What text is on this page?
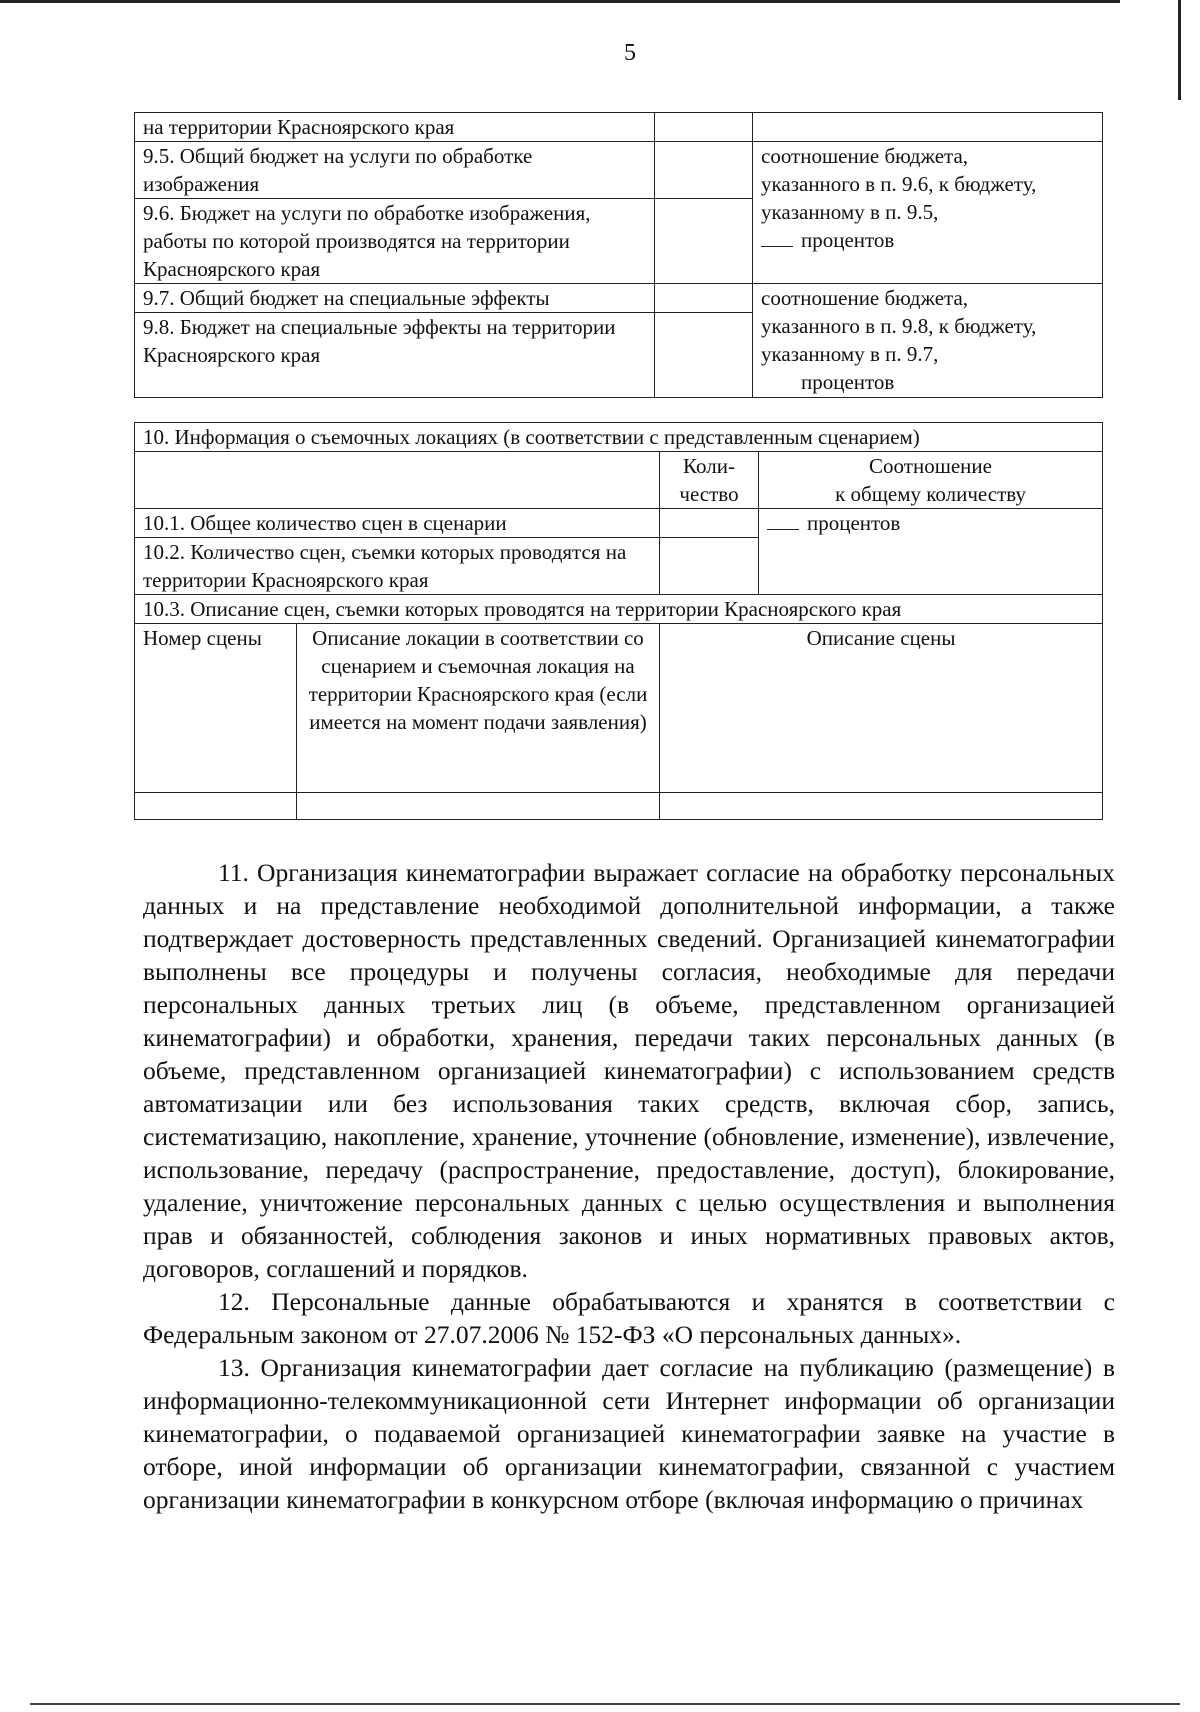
5
на территории Красноярского края		
9.5. Общий бюджет на услуги по обработке изображения		соотношение бюджета,
указанного в п. 9.6, к бюджету,
указанному в п. 9.5,
процентов

9.6. Бюджет на услуги по обработке изображения, работы по которой производятся на территории Красноярского края		
9.7. Общий бюджет на специальные эффекты		соотношение бюджета,
указанного в п. 9.8, к бюджету,
указанному в п. 9.7,
процентов

9.8. Бюджет на специальные эффекты на территории Красноярского края		
10. Информация о съемочных локациях (в соответствии с представленным сценарием)			
		Коли-чество	Соотношение
к общему количеству

10.1. Общее количество сцен в сценарии			процентов
10.2. Количество сцен, съемки которых проводятся на территории Красноярского края			
10.3. Описание сцен, съемки которых проводятся на территории Красноярского края			
Номер сцены	Описание локации в соответствии со сценарием и съемочная локация на территории Красноярского края (если имеется на момент подачи заявления)	Описание сцены	

11. Организация кинематографии выражает согласие на обработку персональных данных и на представление необходимой дополнительной информации, а также подтверждает достоверность представленных сведений. Организацией кинематографии выполнены все процедуры и получены согласия, необходимые для передачи персональных данных третьих лиц (в объеме, представленном организацией кинематографии) и обработки, хранения, передачи таких персональных данных (в объеме, представленном организацией кинематографии) с использованием средств автоматизации или без использования таких средств, включая сбор, запись, систематизацию, накопление, хранение, уточнение (обновление, изменение), извлечение, использование, передачу (распространение, предоставление, доступ), блокирование, удаление, уничтожение персональных данных с целью осуществления и выполнения прав и обязанностей, соблюдения законов и иных нормативных правовых актов, договоров, соглашений и порядков.

12. Персональные данные обрабатываются и хранятся в соответствии с Федеральным законом от 27.07.2006 № 152-ФЗ «О персональных данных».

13. Организация кинематографии дает согласие на публикацию (размещение) в информационно-телекоммуникационной сети Интернет информации об организации кинематографии, о подаваемой организацией кинематографии заявке на участие в отборе, иной информации об организации кинематографии, связанной с участием организации кинематографии в конкурсном отборе (включая информацию о причинах
